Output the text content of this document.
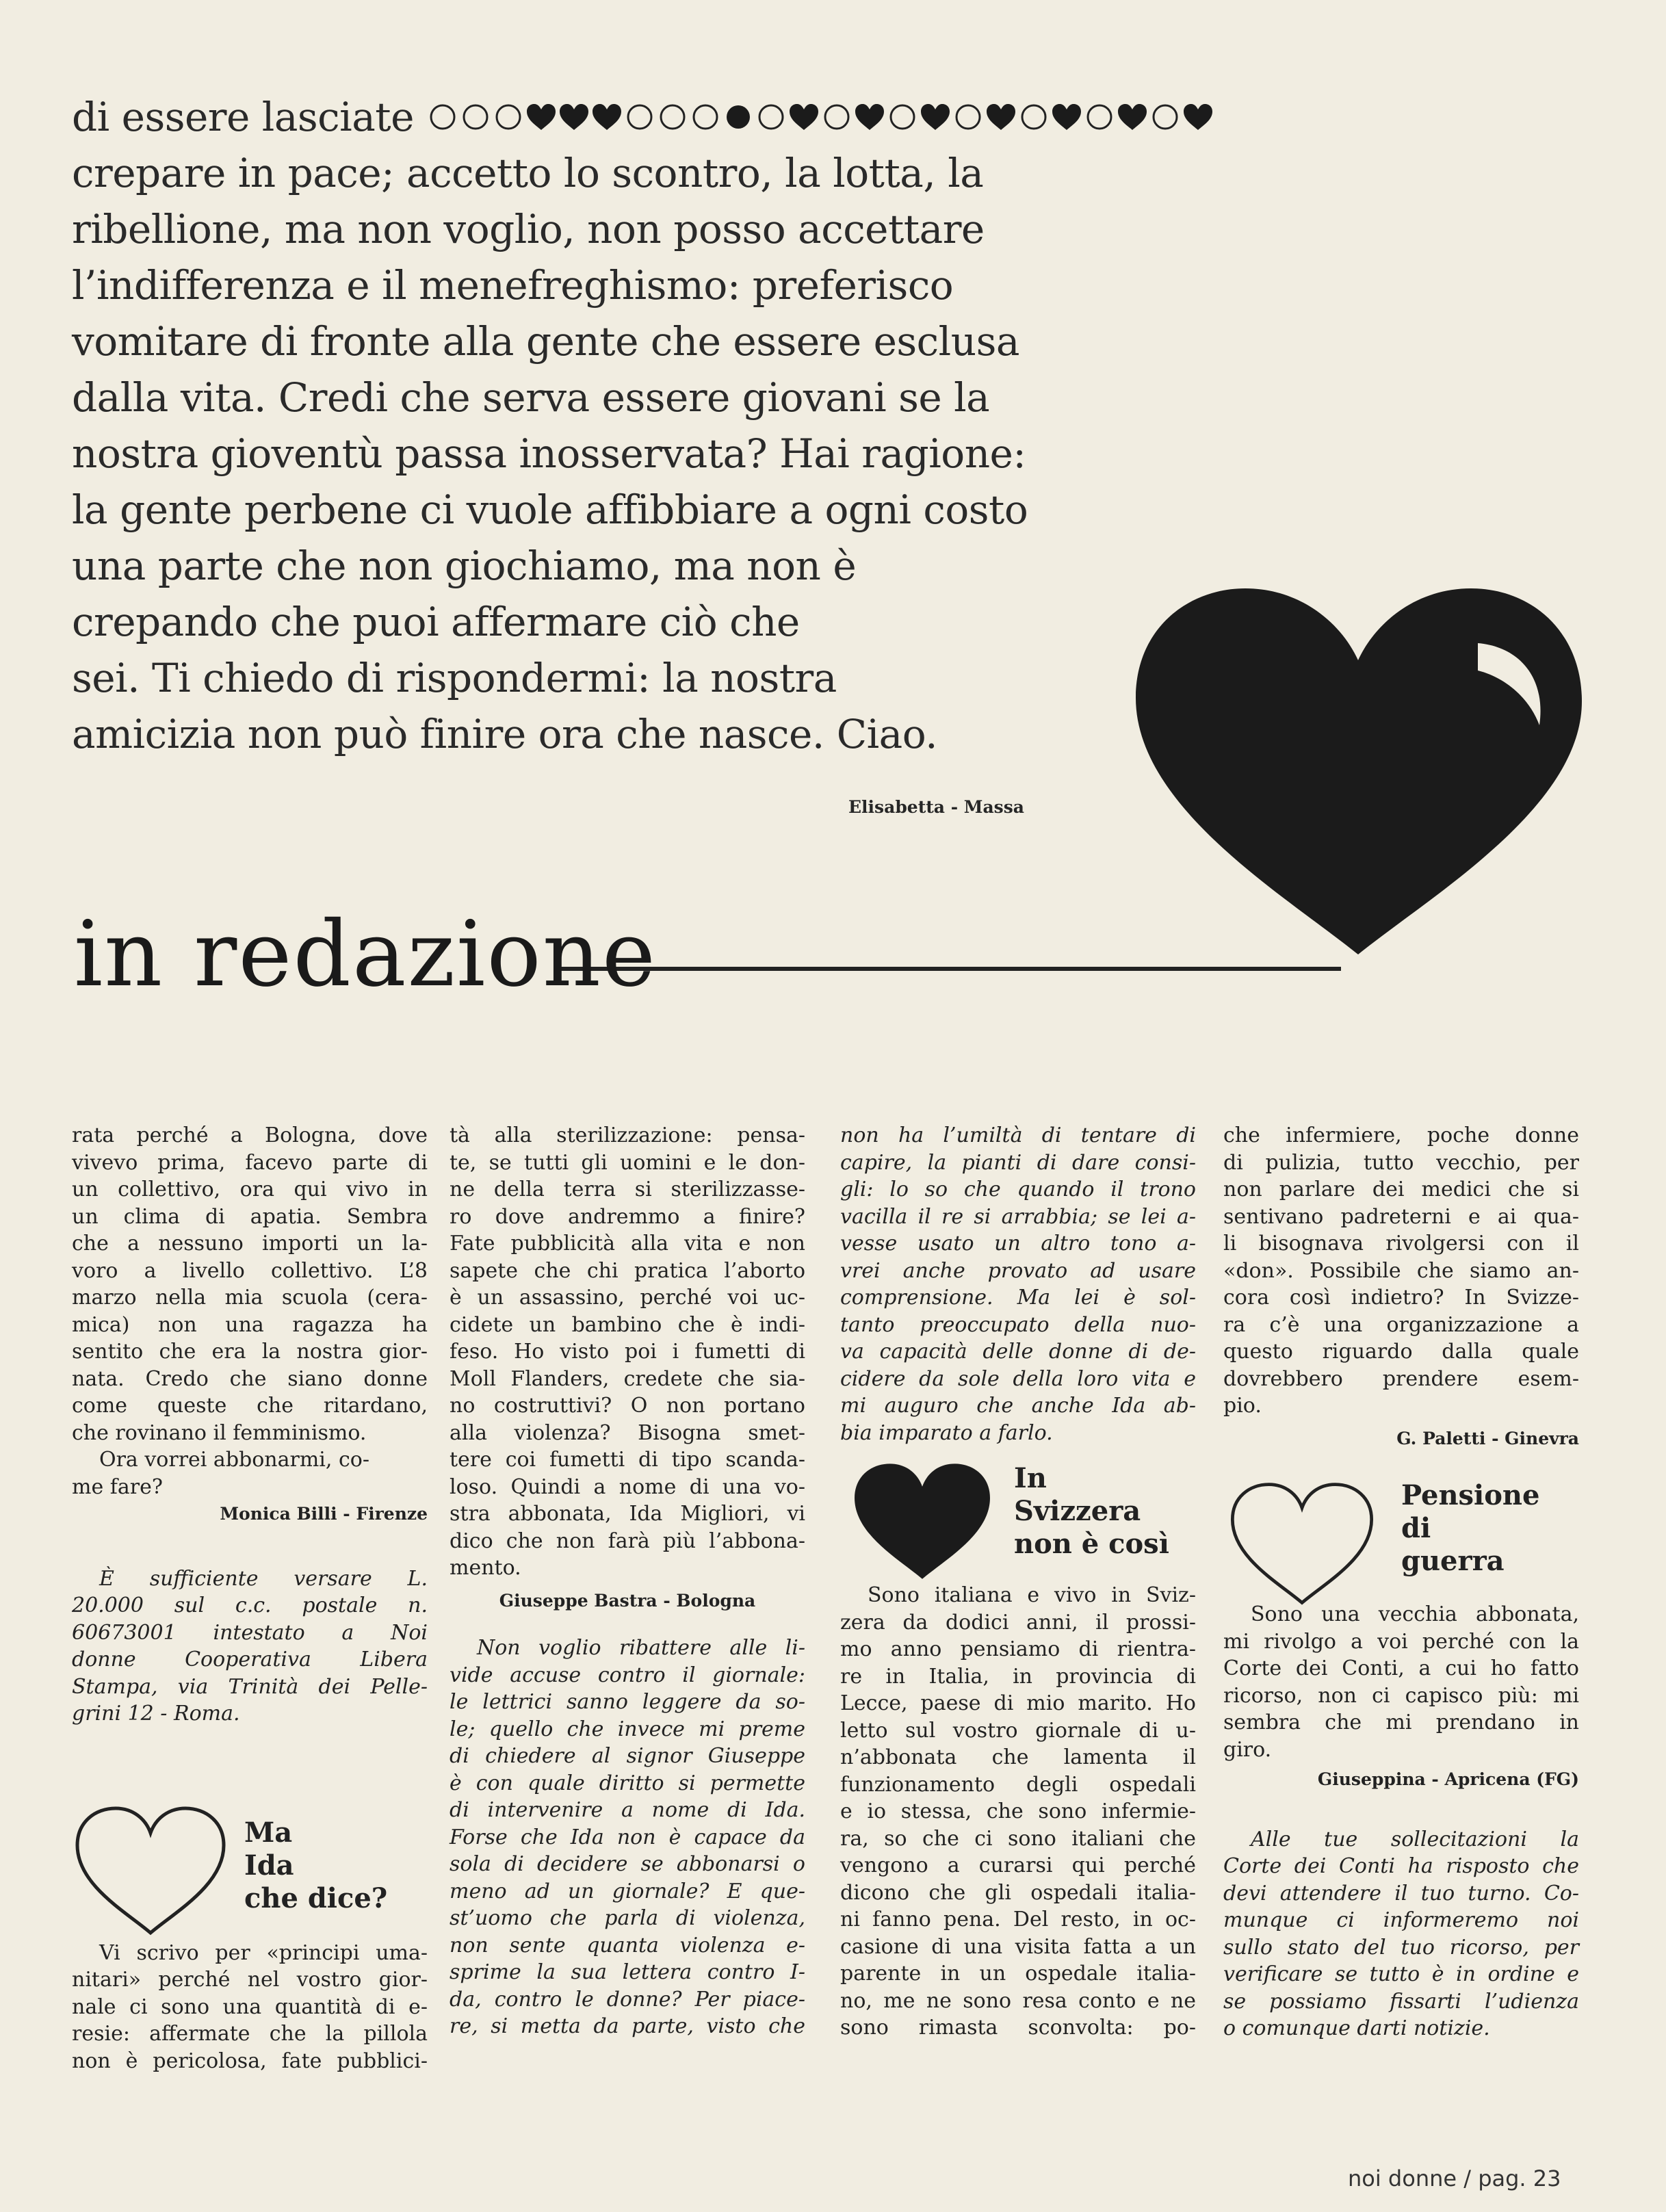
di essere lasciate
crepare in pace; accetto lo scontro, la lotta, la
ribellione, ma non voglio, non posso accettare
l’indifferenza e il menefreghismo: preferisco
vomitare di fronte alla gente che essere esclusa
dalla vita. Credi che serva essere giovani se la
nostra gioventù passa inosservata? Hai ragione:
la gente perbene ci vuole affibbiare a ogni costo
una parte che non giochiamo, ma non è
crepando che puoi affermare ciò che
sei. Ti chiedo di rispondermi: la nostra
amicizia non può finire ora che nasce. Ciao.
Elisabetta - Massa
in redazione

rata perché a Bologna, dove

vivevo prima, facevo parte di

un collettivo, ora qui vivo in

un clima di apatia. Sembra

che a nessuno importi un la-

voro a livello collettivo. L’8

marzo nella mia scuola (cera-

mica) non una ragazza ha

sentito che era la nostra gior-

nata. Credo che siano donne

come queste che ritardano,

che rovinano il femminismo.

Ora vorrei abbonarmi, co-

me fare?

Monica Billi - Firenze

È sufficiente versare L.

20.000 sul c.c. postale n.

60673001 intestato a Noi

donne Cooperativa Libera

Stampa, via Trinità dei Pelle-

grini 12 - Roma.

Ma
Ida
che dice?

Vi scrivo per «principi uma-

nitari» perché nel vostro gior-

nale ci sono una quantità di e-

resie: affermate che la pillola

non è pericolosa, fate pubblici-

tà alla sterilizzazione: pensa-

te, se tutti gli uomini e le don-

ne della terra si sterilizzasse-

ro dove andremmo a finire?

Fate pubblicità alla vita e non

sapete che chi pratica l’aborto

è un assassino, perché voi uc-

cidete un bambino che è indi-

feso. Ho visto poi i fumetti di

Moll Flanders, credete che sia-

no costruttivi? O non portano

alla violenza? Bisogna smet-

tere coi fumetti di tipo scanda-

loso. Quindi a nome di una vo-

stra abbonata, Ida Migliori, vi

dico che non farà più l’abbona-

mento.

Giuseppe Bastra - Bologna

Non voglio ribattere alle li-

vide accuse contro il giornale:

le lettrici sanno leggere da so-

le; quello che invece mi preme

di chiedere al signor Giuseppe

è con quale diritto si permette

di intervenire a nome di Ida.

Forse che Ida non è capace da

sola di decidere se abbonarsi o

meno ad un giornale? E que-

st’uomo che parla di violenza,

non sente quanta violenza e-

sprime la sua lettera contro I-

da, contro le donne? Per piace-

re, si metta da parte, visto che

non ha l’umiltà di tentare di

capire, la pianti di dare consi-

gli: lo so che quando il trono

vacilla il re si arrabbia; se lei a-

vesse usato un altro tono a-

vrei anche provato ad usare

comprensione. Ma lei è sol-

tanto preoccupato della nuo-

va capacità delle donne di de-

cidere da sole della loro vita e

mi auguro che anche Ida ab-

bia imparato a farlo.

In
Svizzera
non è così

Sono italiana e vivo in Sviz-

zera da dodici anni, il prossi-

mo anno pensiamo di rientra-

re in Italia, in provincia di

Lecce, paese di mio marito. Ho

letto sul vostro giornale di u-

n’abbonata che lamenta il

funzionamento degli ospedali

e io stessa, che sono infermie-

ra, so che ci sono italiani che

vengono a curarsi qui perché

dicono che gli ospedali italia-

ni fanno pena. Del resto, in oc-

casione di una visita fatta a un

parente in un ospedale italia-

no, me ne sono resa conto e ne

sono rimasta sconvolta: po-

che infermiere, poche donne

di pulizia, tutto vecchio, per

non parlare dei medici che si

sentivano padreterni e ai qua-

li bisognava rivolgersi con il

«don». Possibile che siamo an-

cora così indietro? In Svizze-

ra c’è una organizzazione a

questo riguardo dalla quale

dovrebbero prendere esem-

pio.

G. Paletti - Ginevra

Pensione
di
guerra

Sono una vecchia abbonata,

mi rivolgo a voi perché con la

Corte dei Conti, a cui ho fatto

ricorso, non ci capisco più: mi

sembra che mi prendano in

giro.

Giuseppina - Apricena (FG)

Alle tue sollecitazioni la

Corte dei Conti ha risposto che

devi attendere il tuo turno. Co-

munque ci informeremo noi

sullo stato del tuo ricorso, per

verificare se tutto è in ordine e

se possiamo fissarti l’udienza

o comunque darti notizie.

noi donne / pag. 23
